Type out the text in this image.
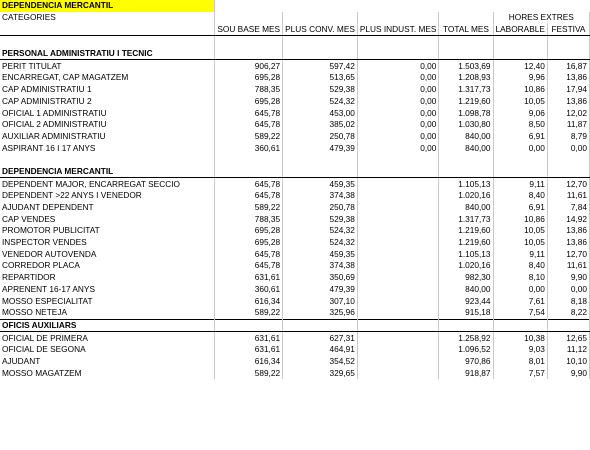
DEPENDENCIA MERCANTIL						
CATEGORIES					HORES EXTRES	
	SOU BASE MES	PLUS CONV. MES	PLUS INDUST. MES	TOTAL MES	LABORABLE	FESTIVA

PERSONAL ADMINISTRATIU I TECNIC						
PERIT TITULAT	906,27	597,42	0,00	1.503,69	12,40	16,87
ENCARREGAT, CAP MAGATZEM	695,28	513,65	0,00	1.208,93	9,96	13,86
CAP ADMINISTRATIU 1	788,35	529,38	0,00	1.317,73	10,86	17,94
CAP ADMINISTRATIU 2	695,28	524,32	0,00	1.219,60	10,05	13,86
OFICIAL 1 ADMINISTRATIU	645,78	453,00	0,00	1.098,78	9,06	12,02
OFICIAL 2 ADMINISTRATIU	645,78	385,02	0,00	1.030,80	8,50	11,87
AUXILIAR ADMINISTRATIU	589,22	250,78	0,00	840,00	6,91	8,79
ASPIRANT 16 I 17 ANYS	360,61	479,39	0,00	840,00	0,00	0,00

DEPENDENCIA MERCANTIL						
DEPENDENT MAJOR, ENCARREGAT SECCIO	645,78	459,35		1.105,13	9,11	12,70
DEPENDENT >22 ANYS I VENEDOR	645,78	374,38		1.020,16	8,40	11,61
AJUDANT DEPENDENT	589,22	250,78		840,00	6,91	7,84
CAP VENDES	788,35	529,38		1.317,73	10,86	14,92
PROMOTOR PUBLICITAT	695,28	524,32		1.219,60	10,05	13,86
INSPECTOR VENDES	695,28	524,32		1.219,60	10,05	13,86
VENEDOR AUTOVENDA	645,78	459,35		1.105,13	9,11	12,70
CORREDOR PLACA	645,78	374,38		1.020,16	8,40	11,61
REPARTIDOR	631,61	350,69		982,30	8,10	9,90
APRENENT 16-17 ANYS	360,61	479,39		840,00	0,00	0,00
MOSSO ESPECIALITAT	616,34	307,10		923,44	7,61	8,18
MOSSO NETEJA	589,22	325,96		915,18	7,54	8,22
OFICIS AUXILIARS						
OFICIAL DE PRIMERA	631,61	627,31		1.258,92	10,38	12,65
OFICIAL DE SEGONA	631,61	464,91		1.096,52	9,03	11,12
AJUDANT	616,34	354,52		970,86	8,01	10,10
MOSSO MAGATZEM	589,22	329,65		918,87	7,57	9,90
